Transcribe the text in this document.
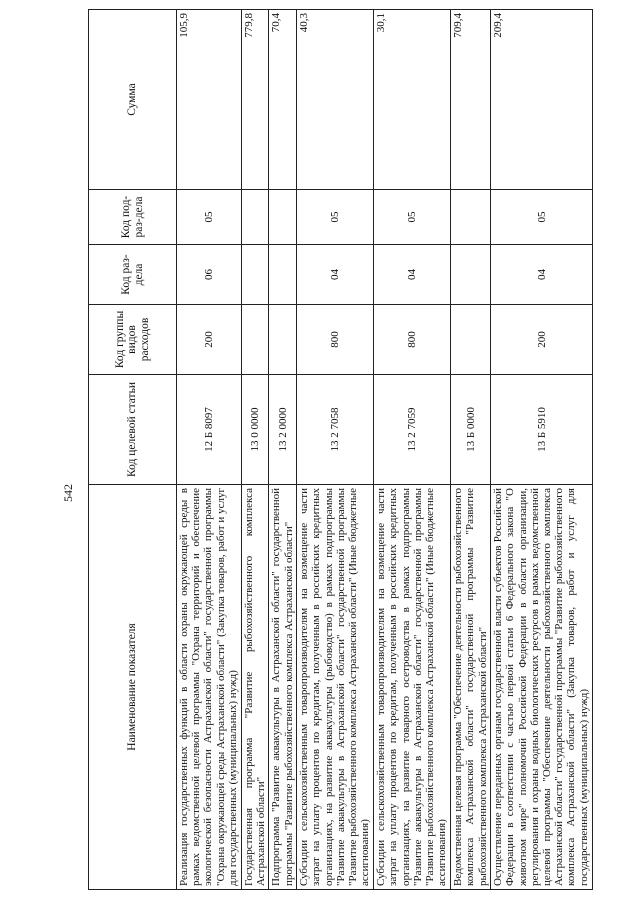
542
Наименование показателя	Код целевой статьи	Код группы видов расходов	Код раз-дела	Код под-раз-дела	Сумма
Реализация государственных функций в области охраны окружающей среды в рамках ведомственной целевой программы "Охрана территорий и обеспечение экологической безопасности Астраханской области" государственной программы "Охрана окружающей среды Астраханской области" (Закупка товаров, работ и услуг для государственных (муниципальных) нужд)	12 Б 8097	200	06	05	105,9
Государственная программа "Развитие рыбохозяйственного комплекса Астраханской области"	13 0 0000				779,8
Подпрограмма "Развитие аквакультуры в Астраханской области" государственной программы "Развитие рыбохозяйственного комплекса Астраханской области"	13 2 0000				70,4
Субсидии сельскохозяйственным товаропроизводителям на возмещение части затрат на уплату процентов по кредитам, полученным в российских кредитных организациях, на развитие аквакультуры (рыбоводство) в рамках подпрограммы "Развитие аквакультуры в Астраханской области" государственной программы "Развитие рыбохозяйственного комплекса Астраханской области" (Иные бюджетные ассигнования)	13 2 7058	800	04	05	40,3
Субсидии сельскохозяйственным товаропроизводителям на возмещение части затрат на уплату процентов по кредитам, полученным в российских кредитных организациях, на развитие товарного осетроводства в рамках подпрограммы "Развитие аквакультуры в Астраханской области" государственной программы "Развитие рыбохозяйственного комплекса Астраханской области" (Иные бюджетные ассигнования)	13 2 7059	800	04	05	30,1
Ведомственная целевая программа "Обеспечение деятельности рыбохозяйственного комплекса Астраханской области" государственной программы "Развитие рыбохозяйственного комплекса Астраханской области"	13 Б 0000				709,4
Осуществление переданных органам государственной власти субъектов Российской Федерации в соответствии с частью первой статьи 6 Федерального закона "О животном мире" полномочий Российской Федерации в области организации, регулирования и охраны водных биологических ресурсов в рамках ведомственной целевой программы "Обеспечение деятельности рыбохозяйственного комплекса Астраханской области" государственной программы "Развитие рыбохозяйственного комплекса Астраханской области" (Закупка товаров, работ и услуг для государственных (муниципальных) нужд)	13 Б 5910	200	04	05	209,4
